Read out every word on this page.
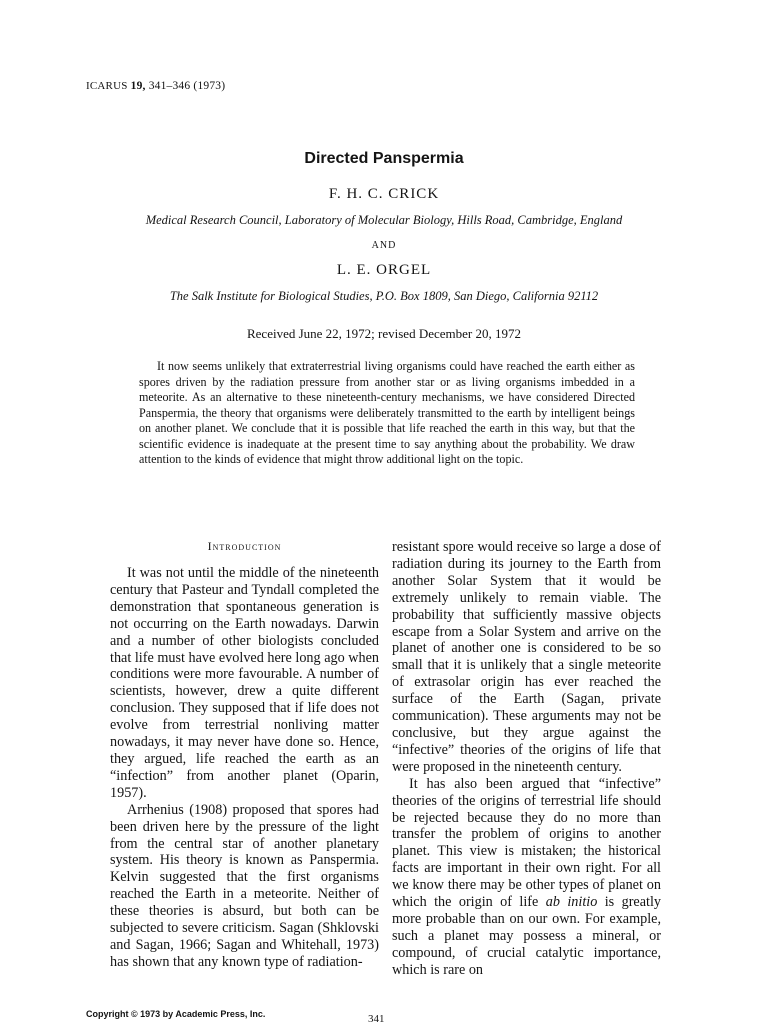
ICARUS 19, 341–346 (1973)
Directed Panspermia
F. H. C. CRICK
Medical Research Council, Laboratory of Molecular Biology, Hills Road, Cambridge, England
AND
L. E. ORGEL
The Salk Institute for Biological Studies, P.O. Box 1809, San Diego, California 92112
Received June 22, 1972; revised December 20, 1972

It now seems unlikely that extraterrestrial living organisms could have reached the earth either as spores driven by the radiation pressure from another star or as living organisms imbedded in a meteorite. As an alternative to these nineteenth-century mechanisms, we have considered Directed Panspermia, the theory that organisms were deliberately transmitted to the earth by intelligent beings on another planet. We conclude that it is possible that life reached the earth in this way, but that the scientific evidence is inadequate at the present time to say anything about the probability. We draw attention to the kinds of evidence that might throw additional light on the topic.

Introduction

It was not until the middle of the nineteenth century that Pasteur and Tyndall completed the demonstration that spontaneous generation is not occurring on the Earth nowadays. Darwin and a number of other biologists concluded that life must have evolved here long ago when conditions were more favourable. A number of scientists, however, drew a quite different conclusion. They supposed that if life does not evolve from terrestrial nonliving matter nowadays, it may never have done so. Hence, they argued, life reached the earth as an “infection” from another planet (Oparin, 1957).

Arrhenius (1908) proposed that spores had been driven here by the pressure of the light from the central star of another planetary system. His theory is known as Panspermia. Kelvin suggested that the first organisms reached the Earth in a meteorite. Neither of these theories is absurd, but both can be subjected to severe criticism. Sagan (Shklovski and Sagan, 1966; Sagan and Whitehall, 1973) has shown that any known type of radiation-

resistant spore would receive so large a dose of radiation during its journey to the Earth from another Solar System that it would be extremely unlikely to remain viable. The probability that sufficiently massive objects escape from a Solar System and arrive on the planet of another one is considered to be so small that it is unlikely that a single meteorite of extrasolar origin has ever reached the surface of the Earth (Sagan, private communication). These arguments may not be conclusive, but they argue against the “infective” theories of the origins of life that were proposed in the nineteenth century.

It has also been argued that “infective” theories of the origins of terrestrial life should be rejected because they do no more than transfer the problem of origins to another planet. This view is mistaken; the historical facts are important in their own right. For all we know there may be other types of planet on which the origin of life ab initio is greatly more probable than on our own. For example, such a planet may possess a mineral, or compound, of crucial catalytic importance, which is rare on

Copyright © 1973 by Academic Press, Inc.	341
